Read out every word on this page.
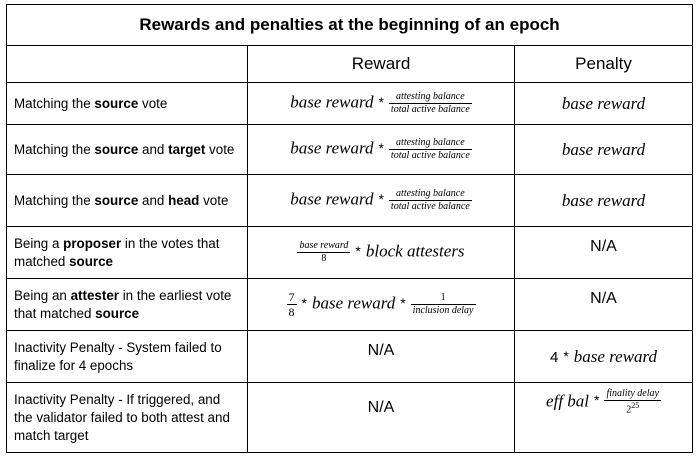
Rewards and penalties at the beginning of an epoch		
	Reward	Penalty
Matching the source vote	base reward * $\frac{\text{attesting balance}}{\text{total active balance}}$	base reward
Matching the source and target vote	base reward * $\frac{\text{attesting balance}}{\text{total active balance}}$	base reward
Matching the source and head vote	base reward * $\frac{\text{attesting balance}}{\text{total active balance}}$	base reward
Being a proposer in the votes that matched source	$\frac{\text{base reward}}{8}$ * block attesters	N/A
Being an attester in the earliest vote that matched source	$\frac{7}{8}$ * base reward * $\frac{1}{\text{inclusion delay}}$	N/A
Inactivity Penalty - System failed to finalize for 4 epochs	N/A	4 * base reward
Inactivity Penalty - If triggered, and the validator failed to both attest and match target	N/A	eff bal * $\frac{\text{finality delay}}{2^{25}}$
